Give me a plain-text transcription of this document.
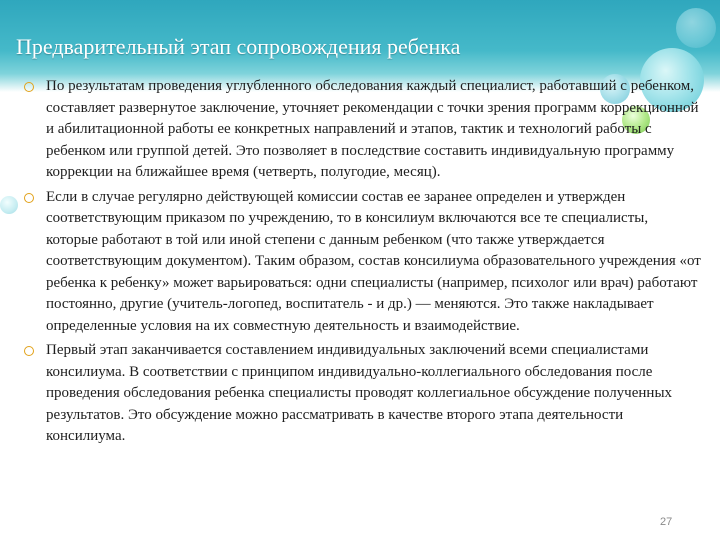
Предварительный этап сопровождения ребенка
По результатам проведения углубленного обследования каждый специалист, работавший с ребенком, составляет развернутое заключение, уточняет рекомендации с точки зрения программ коррекционной и абилитационной работы ее конкретных направлений и этапов, тактик и технологий работы с ребенком или группой детей. Это позволяет в последствие составить индивидуальную программу коррекции на ближайшее время (четверть, полугодие, месяц).
Если в случае регулярно действующей комиссии состав ее заранее определен и утвержден соответствующим приказом по учреждению, то в консилиум включаются все те специалисты, которые работают в той или иной степени с данным ребенком (что также утверждается соответствующим документом). Таким образом, состав консилиума образовательного учреждения «от ребенка к ребенку» может варьироваться: одни специалисты (например, психолог или врач) работают постоянно, другие (учитель-логопед, воспитатель - и др.) — меняются. Это также накладывает определенные условия на их совместную деятельность и взаимодействие.
Первый этап заканчивается составлением индивидуальных заключений всеми специалистами консилиума. В соответствии с принципом индивидуально-коллегиального обследования после проведения обследования ребенка специалисты проводят коллегиальное обсуждение полученных результатов. Это обсуждение можно рассматривать в качестве второго этапа деятельности консилиума.
27
